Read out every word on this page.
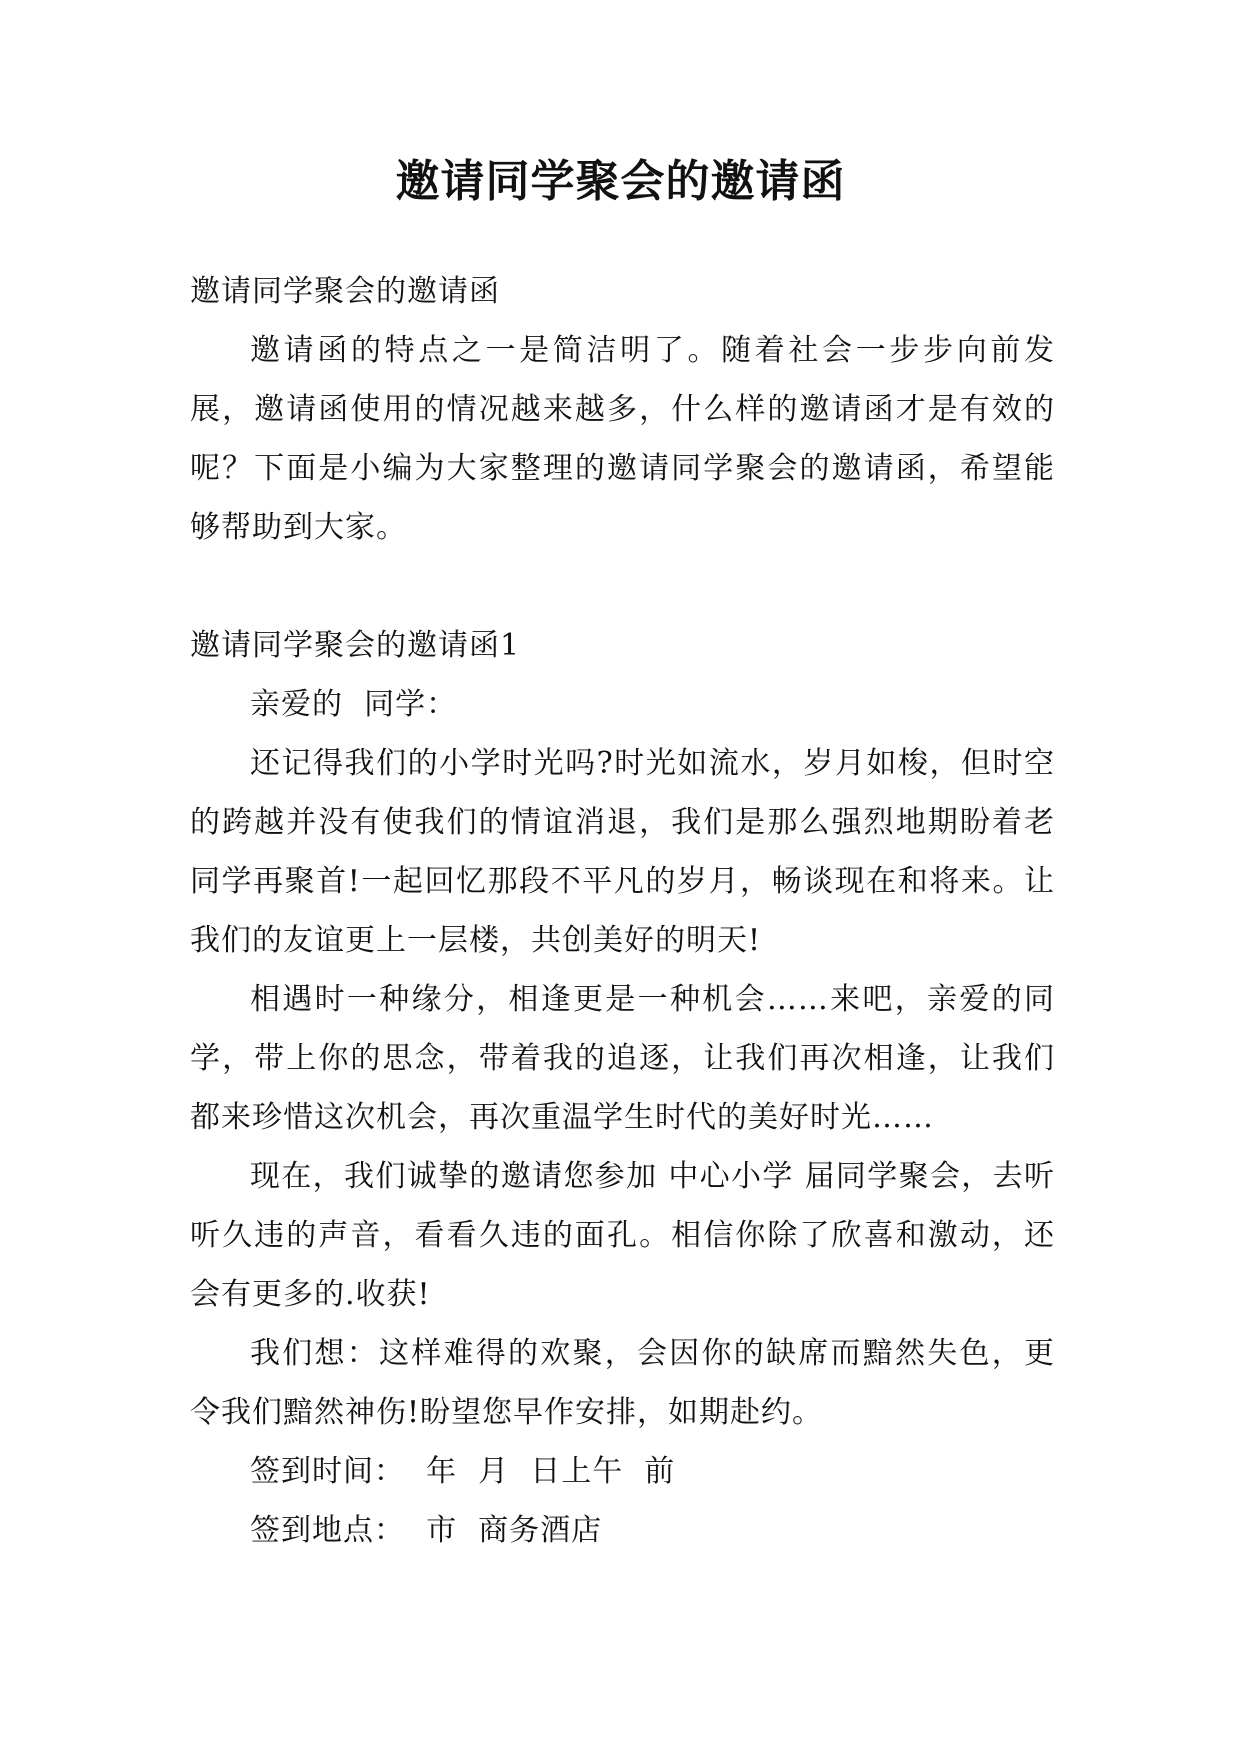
邀请同学聚会的邀请函

邀请同学聚会的邀请函

邀请函的特点之一是简洁明了。随着社会一步步向前发展，邀请函使用的情况越来越多，什么样的邀请函才是有效的呢？下面是小编为大家整理的邀请同学聚会的邀请函，希望能够帮助到大家。

邀请同学聚会的邀请函1

亲爱的  同学：

还记得我们的小学时光吗?时光如流水，岁月如梭，但时空的跨越并没有使我们的情谊消退，我们是那么强烈地期盼着老同学再聚首!一起回忆那段不平凡的岁月，畅谈现在和将来。让我们的友谊更上一层楼，共创美好的明天!

相遇时一种缘分，相逢更是一种机会……来吧，亲爱的同学，带上你的思念，带着我的追逐，让我们再次相逢，让我们都来珍惜这次机会，再次重温学生时代的美好时光……

现在，我们诚挚的邀请您参加 中心小学 届同学聚会，去听听久违的声音，看看久违的面孔。相信你除了欣喜和激动，还会有更多的.收获!

我们想：这样难得的欢聚，会因你的缺席而黯然失色，更令我们黯然神伤!盼望您早作安排，如期赴约。

签到时间：  年  月  日上午  前

签到地点：  市  商务酒店
